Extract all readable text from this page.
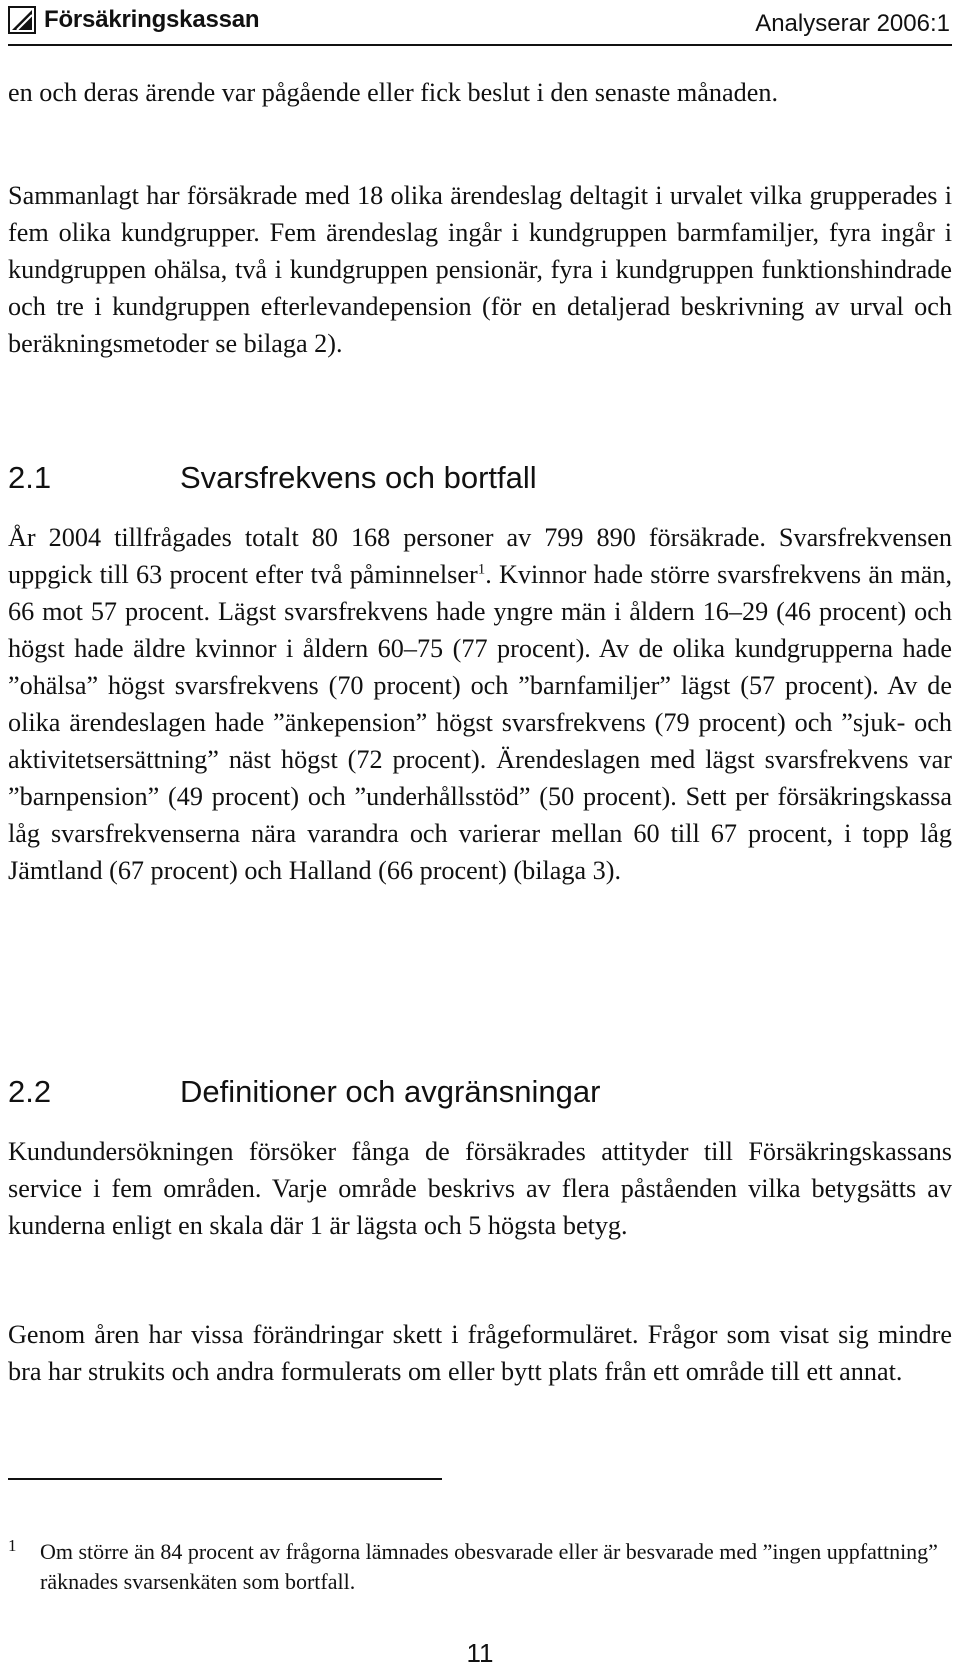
Försäkringskassan	Analyserar 2006:1

en och deras ärende var pågående eller fick beslut i den senaste månaden.

Sammanlagt har försäkrade med 18 olika ärendeslag deltagit i urvalet vilka grupperades i fem olika kundgrupper. Fem ärendeslag ingår i kundgruppen barmfamiljer, fyra ingår i kundgruppen ohälsa, två i kundgruppen pensionär, fyra i kundgruppen funktionshindrade och tre i kundgruppen efterlevandepension (för en detaljerad beskrivning av urval och beräkningsmetoder se bilaga 2).

2.1	Svarsfrekvens och bortfall

År 2004 tillfrågades totalt 80 168 personer av 799 890 försäkrade. Svarsfrekvensen uppgick till 63 procent efter två påminnelser$^1$. Kvinnor hade större svarsfrekvens än män, 66 mot 57 procent. Lägst svarsfrekvens hade yngre män i åldern 16–29 (46 procent) och högst hade äldre kvinnor i åldern 60–75 (77 procent). Av de olika kundgrupperna hade ”ohälsa” högst svarsfrekvens (70 procent) och ”barnfamiljer” lägst (57 procent). Av de olika ärendeslagen hade ”änkepension” högst svarsfrekvens (79 procent) och ”sjuk- och aktivitetsersättning” näst högst (72 procent). Ärendeslagen med lägst svarsfrekvens var ”barnpension” (49 procent) och ”underhållsstöd” (50 procent). Sett per försäkringskassa låg svarsfrekvenserna nära varandra och varierar mellan 60 till 67 procent, i topp låg Jämtland (67 procent) och Halland (66 procent) (bilaga 3).

2.2	Definitioner och avgränsningar

Kundundersökningen försöker fånga de försäkrades attityder till Försäkringskassans service i fem områden. Varje område beskrivs av flera påståenden vilka betygsätts av kunderna enligt en skala där 1 är lägsta och 5 högsta betyg.

Genom åren har vissa förändringar skett i frågeformuläret. Frågor som visat sig mindre bra har strukits och andra formulerats om eller bytt plats från ett område till ett annat.

1 Om större än 84 procent av frågorna lämnades obesvarade eller är besvarade med ”ingen uppfattning” räknades svarsenkäten som bortfall.

11
